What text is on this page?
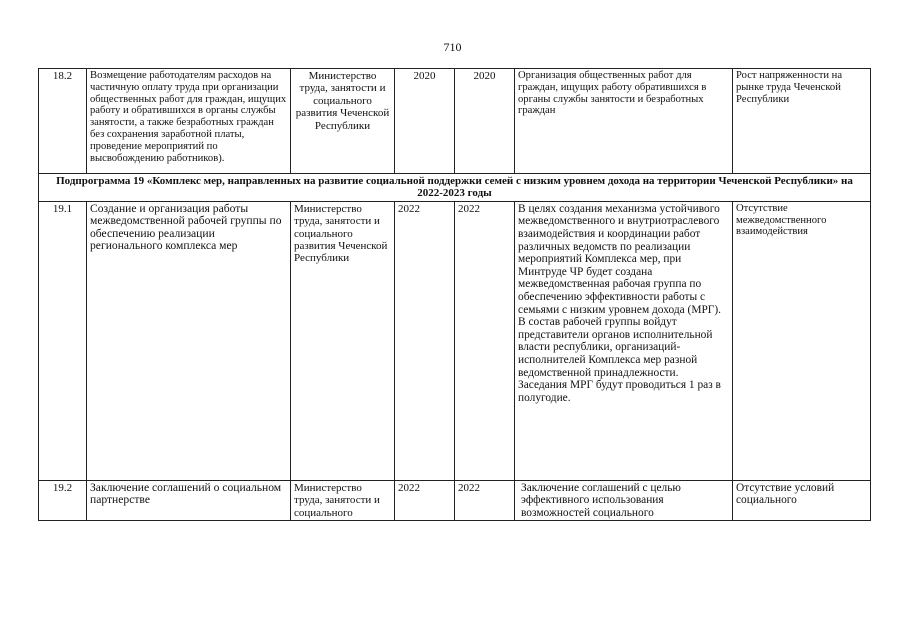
710
18.2	Возмещение работодателям расходов на частичную оплату труда при организации общественных работ для граждан, ищущих работу и обратившихся в органы службы занятости, а также безработных граждан без сохранения заработной платы, проведение мероприятий по высвобождению работников).	Министерство труда, занятости и социального развития Чеченской Республики	2020	2020	Организация общественных работ для граждан, ищущих работу обратившихся в органы службы занятости и безработных граждан	Рост напряженности на рынке труда Чеченской Республики
Подпрограмма 19 «Комплекс мер, направленных на развитие социальной поддержки семей с низким уровнем дохода на территории Чеченской Республики» на 2022-2023 годы						
19.1	Создание и организация работы межведомственной рабочей группы по обеспечению реализации регионального комплекса мер	Министерство труда, занятости и социального развития Чеченской Республики	2022	2022	В целях создания механизма устойчивого межведомственного и внутриотраслевого взаимодействия и координации работ различных ведомств по реализации мероприятий Комплекса мер, при Минтруде ЧР будет создана межведомственная рабочая группа по обеспечению эффективности работы с семьями с низким уровнем дохода (МРГ). В состав рабочей группы войдут представители органов исполнительной власти республики, организаций-исполнителей Комплекса мер разной ведомственной принадлежности. Заседания МРГ будут проводиться 1 раз в полугодие.	Отсутствие межведомственного взаимодействия
19.2	Заключение соглашений о социальном партнерстве	Министерство труда, занятости и социального	2022	2022	Заключение соглашений с целью эффективного использования возможностей социального	Отсутствие условий социального
